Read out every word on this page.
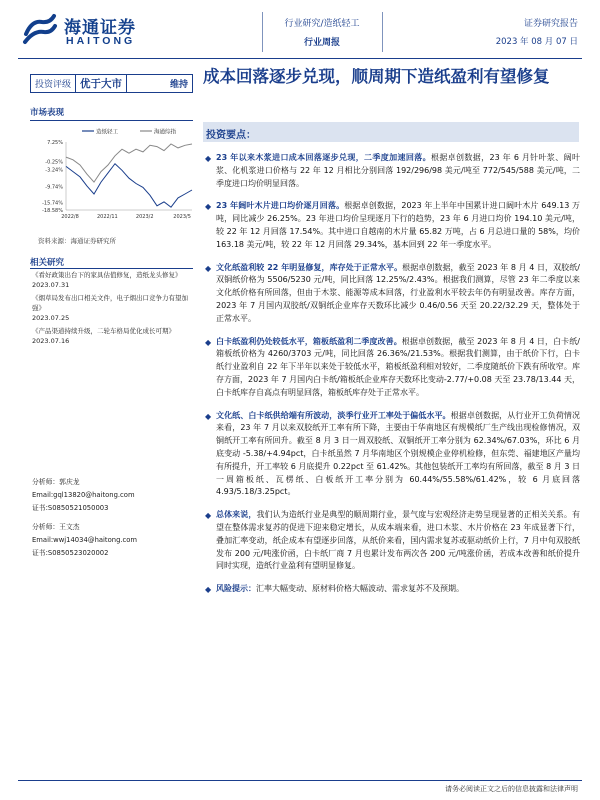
海通证券
HAITONG
行业研究/造纸轻工
行业周报
证券研究报告
2023 年 08 月 07 日
投资评级 优于大市	维持
市场表现
造纸轻工	海通综指
7.25%
-0.25%
-3.24%
-9.74%
-15.74%
-18.58%
2022/8	2022/11	2023/2	2023/5
资料来源：海通证券研究所
相关研究
《看好政策出台下的家具估值修复，造纸龙头修复》
2023.07.31
《烟草局发布出口相关文件，电子烟出口竞争力有望加强》
2023.07.25
《产品渠道持续升级，二轮车格局优化成长可期》
2023.07.16
分析师：郭庆龙
Email:gql13820@haitong.com
证书:S0850521050003
分析师：王文杰
Email:wwj14034@haitong.com
证书:S0850523020002
成本回落逐步兑现，顺周期下造纸盈利有望修复
投资要点：
◆ 23 年以来木浆进口成本回落逐步兑现，二季度加速回落。根据卓创数据，23 年 6 月针叶浆、阔叶浆、化机浆进口价格与 22 年 12 月相比分别回落 192/296/98 美元/吨至 772/545/588 美元/吨，二季度进口均价明显回落。
◆ 23 年阔叶木片进口均价逐月回落。根据卓创数据，2023 年上半年中国累计进口阔叶木片 649.13 万吨，同比减少 26.25%。23 年进口均价呈现逐月下行的趋势，23 年 6 月进口均价 194.10 美元/吨，较 22 年 12 月回落 17.54%。其中进口自越南的木片量 65.82 万吨，占 6 月总进口量的 58%，均价 163.18 美元/吨，较 22 年 12 月回落 29.34%，基本回到 22 年一季度水平。
◆ 文化纸盈利较 22 年明显修复，库存处于正常水平。根据卓创数据，截至 2023 年 8 月 4 日，双胶纸/双铜纸价格为 5506/5230 元/吨，同比回落 12.25%/2.43%。根据我们测算，尽管 23 年二季度以来文化纸价格有所回落，但由于木浆、能源等成本回落，行业盈利水平较去年仍有明显改善。库存方面，2023 年 7 月国内双胶纸/双铜纸企业库存天数环比减少 0.46/0.56 天至 20.22/32.29 天，整体处于正常水平。
◆ 白卡纸盈利仍处较低水平，箱板纸盈利二季度改善。根据卓创数据，截至 2023 年 8 月 4 日，白卡纸/箱板纸价格为 4260/3703 元/吨，同比回落 26.36%/21.53%。根据我们测算，由于纸价下行，白卡纸行业盈利自 22 年下半年以来处于较低水平，箱板纸盈利相对较好，二季度随纸价下跌有所收窄。库存方面，2023 年 7 月国内白卡纸/箱板纸企业库存天数环比变动-2.77/+0.08 天至 23.78/13.44 天，白卡纸库存自高点有明显回落，箱板纸库存处于正常水平。
◆ 文化纸、白卡纸供给端有所波动，淡季行业开工率处于偏低水平。根据卓创数据，从行业开工负荷情况来看，23 年 7 月以来双胶纸开工率有所下降，主要由于华南地区有规模纸厂生产线出现检修情况，双铜纸开工率有所回升。截至 8 月 3 日一周双胶纸、双铜纸开工率分别为 62.34%/67.03%，环比 6 月底变动 -5.38/+4.94pct，白卡纸虽然 7 月华南地区个别规模企业停机检修，但东莞、福建地区产量均有所提升，开工率较 6 月底提升 0.22pct 至 61.42%。其他包装纸开工率均有所回落，截至 8 月 3 日一周箱板纸、瓦楞纸、白板纸开工率分别为 60.44%/55.58%/61.42%，较 6 月底回落 4.93/5.18/3.25pct。
◆ 总体来说，我们认为造纸行业是典型的顺周期行业，景气度与宏观经济走势呈现显著的正相关关系。有望在整体需求复苏的促进下迎来稳定增长，从成本端来看，进口木浆、木片价格在 23 年成显著下行，叠加汇率变动，纸企成本有望逐步回落，从纸价来看，国内需求复苏或驱动纸价上行，7 月中旬双胶纸发布 200 元/吨涨价函，白卡纸厂商 7 月也累计发布两次各 200 元/吨涨价函，若成本改善和纸价提升同时实现，造纸行业盈利有望明显修复。
◆ 风险提示：汇率大幅变动、原材料价格大幅波动、需求复苏不及预期。
请务必阅读正文之后的信息披露和法律声明
